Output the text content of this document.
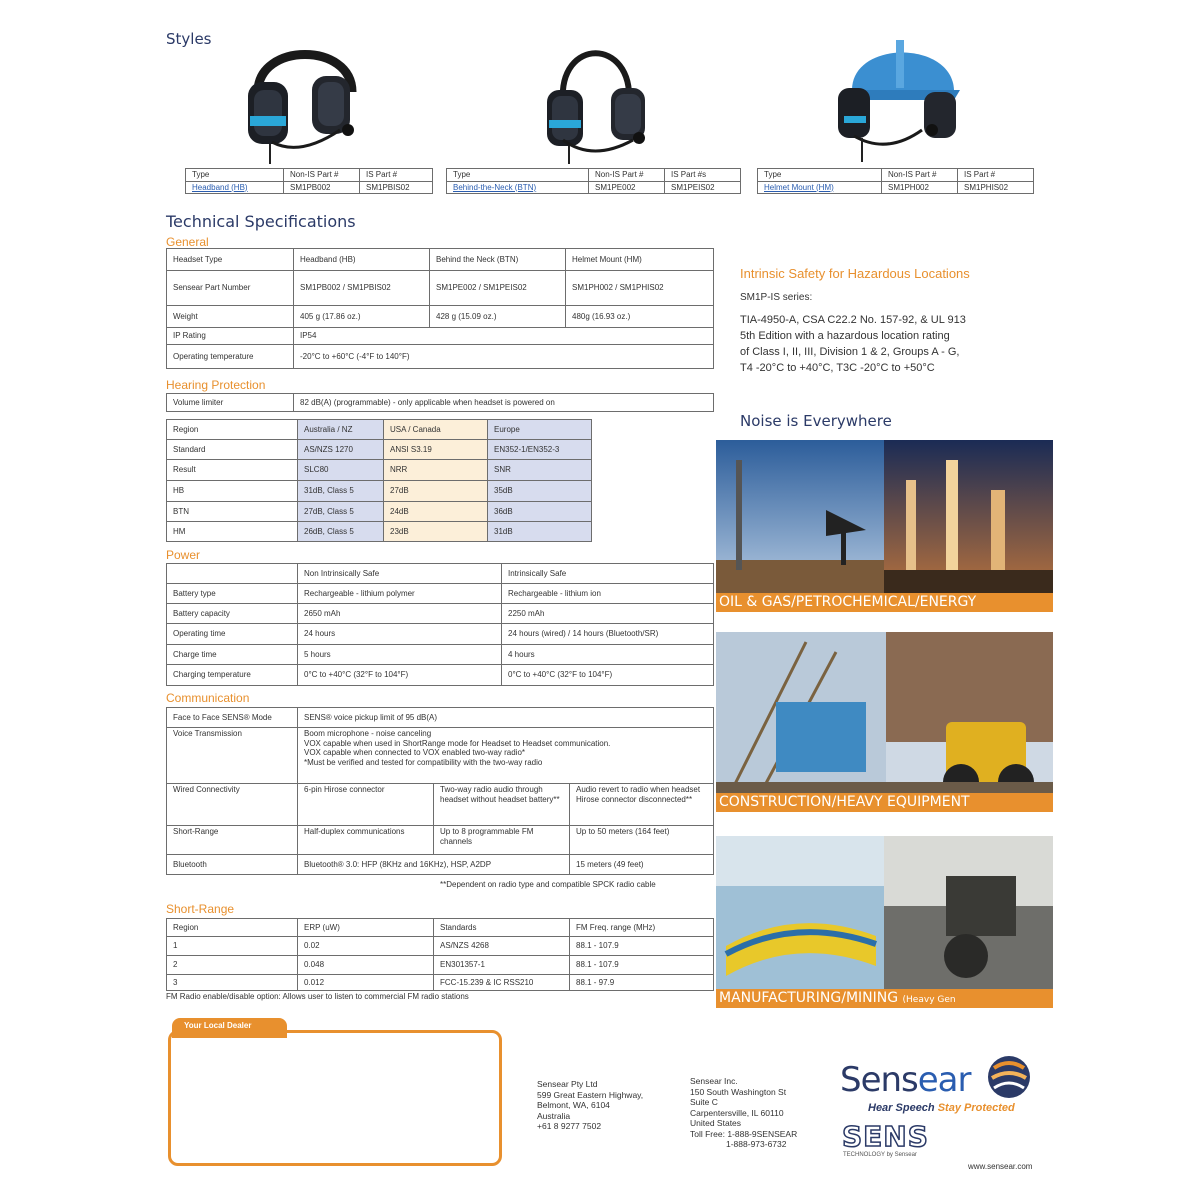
Styles
Type	Non-IS Part #	IS Part #
Headband (HB)	SM1PB002	SM1PBIS02
Type	Non-IS Part #	IS Part #s
Behind-the-Neck (BTN)	SM1PE002	SM1PEIS02
Type	Non-IS Part #	IS Part #
Helmet Mount (HM)	SM1PH002	SM1PHIS02
Technical Specifications
General
Headset Type	Headband (HB)	Behind the Neck (BTN)	Helmet Mount (HM)
Sensear Part Number	SM1PB002 / SM1PBIS02	SM1PE002 / SM1PEIS02	SM1PH002 / SM1PHIS02
Weight	405 g (17.86 oz.)	428 g (15.09 oz.)	480g (16.93 oz.)
IP Rating	IP54		
Operating temperature	-20°C to +60°C (-4°F to 140°F)		
Hearing Protection
Volume limiter	82 dB(A) (programmable) - only applicable when headset is powered on
Region	Australia / NZ	USA / Canada	Europe
Standard	AS/NZS 1270	ANSI S3.19	EN352-1/EN352-3
Result	SLC80	NRR	SNR
HB	31dB, Class 5	27dB	35dB
BTN	27dB, Class 5	24dB	36dB
HM	26dB, Class 5	23dB	31dB
Power
	Non Intrinsically Safe	Intrinsically Safe
Battery type	Rechargeable - lithium polymer	Rechargeable - lithium ion
Battery capacity	2650 mAh	2250 mAh
Operating time	24 hours	24 hours (wired) / 14 hours (Bluetooth/SR)
Charge time	5 hours	4 hours
Charging temperature	0°C to +40°C (32°F to 104°F)	0°C to +40°C (32°F to 104°F)
Communication
Face to Face SENS® Mode	SENS® voice pickup limit of 95 dB(A)		
Voice Transmission	Boom microphone - noise canceling
VOX capable when used in ShortRange mode for Headset to Headset communication.
VOX capable when connected to VOX enabled two-way radio*
*Must be verified and tested for compatibility with the two-way radio		

Wired Connectivity	6-pin Hirose connector	Two-way radio audio through headset without headset battery**	Audio revert to radio when headset Hirose connector disconnected**
Short-Range	Half-duplex communications	Up to 8 programmable FM channels	Up to 50 meters (164 feet)
Bluetooth	Bluetooth® 3.0: HFP (8KHz and 16KHz), HSP, A2DP		15 meters (49 feet)
**Dependent on radio type and compatible SPCK radio cable
Short-Range
Region	ERP (uW)	Standards	FM Freq. range (MHz)
1	0.02	AS/NZS 4268	88.1 - 107.9
2	0.048	EN301357-1	88.1 - 107.9
3	0.012	FCC-15.239 & IC RSS210	88.1 - 97.9
FM Radio enable/disable option: Allows user to listen to commercial FM radio stations
Intrinsic Safety for Hazardous Locations
SM1P-IS series:
TIA-4950-A, CSA C22.2 No. 157-92, & UL 913
5th Edition with a hazardous location rating
of Class I, II, III, Division 1 & 2, Groups A - G,
T4 -20°C to +40°C, T3C -20°C to +50°C
Noise is Everywhere
OIL & GAS/PETROCHEMICAL/ENERGY
CONSTRUCTION/HEAVY EQUIPMENT
MANUFACTURING/MINING (Heavy Gen
Your Local Dealer
Sensear Pty Ltd
599 Great Eastern Highway,
Belmont, WA, 6104
Australia
+61 8 9277 7502
Sensear Inc.
150 South Washington St
Suite C
Carpentersville, IL 60110
United States
Toll Free: 1-888-9SENSEAR
1-888-973-6732
Sensear
Hear Speech Stay Protected
SENS
TECHNOLOGY by Sensear
www.sensear.com
